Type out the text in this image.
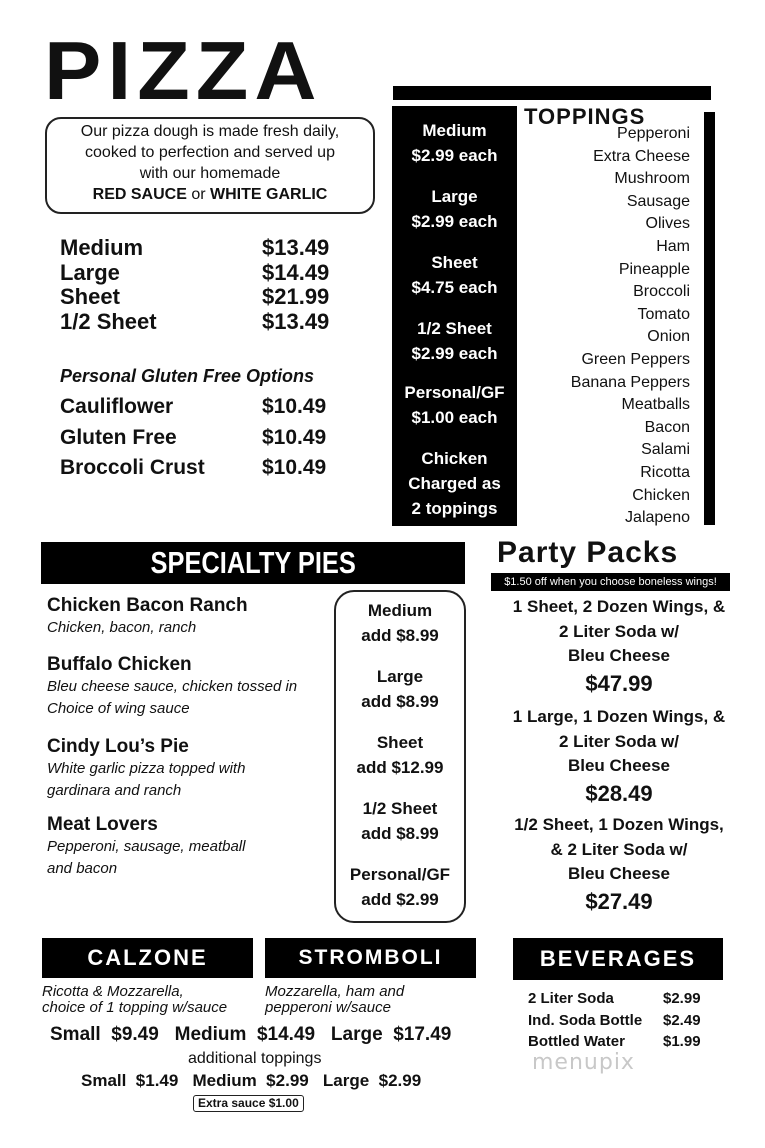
PIZZA
Our pizza dough is made fresh daily,
cooked to perfection and served up
with our homemade
RED SAUCE or WHITE GARLIC
Medium	$13.49
Large	$14.49
Sheet	$21.99
1/2 Sheet	$13.49
Personal Gluten Free Options
Cauliflower	$10.49
Gluten Free	$10.49
Broccoli Crust	$10.49
Medium
$2.99 each
Large
$2.99 each
Sheet
$4.75 each
1/2 Sheet
$2.99 each
Personal/GF
$1.00 each
Chicken
Charged as
2 toppings
TOPPINGS
Pepperoni
Extra Cheese
Mushroom
Sausage
Olives
Ham
Pineapple
Broccoli
Tomato
Onion
Green Peppers
Banana Peppers
Meatballs
Bacon
Salami
Ricotta
Chicken
Jalapeno
SPECIALTY PIES
Chicken Bacon Ranch
Chicken, bacon, ranch
Buffalo Chicken
Bleu cheese sauce, chicken tossed in
Choice of wing sauce
Cindy Lou’s Pie
White garlic pizza topped with
gardinara and ranch
Meat Lovers
Pepperoni, sausage, meatball
and bacon
Medium
add $8.99
Large
add $8.99
Sheet
add $12.99
1/2 Sheet
add $8.99
Personal/GF
add $2.99
Party Packs
$1.50 off when you choose boneless wings!
1 Sheet, 2 Dozen Wings, &
2 Liter Soda w/
Bleu Cheese
$47.99
1 Large, 1 Dozen Wings, &
2 Liter Soda w/
Bleu Cheese
$28.49
1/2 Sheet, 1 Dozen Wings,
& 2 Liter Soda w/
Bleu Cheese
$27.49
CALZONE	STROMBOLI
Ricotta & Mozzarella,
choice of 1 topping w/sauce
Mozzarella, ham and
pepperoni w/sauce
Small  $9.49   Medium  $14.49   Large  $17.49
additional toppings
Small  $1.49   Medium  $2.99   Large  $2.99
Extra sauce $1.00
BEVERAGES
2 Liter Soda	$2.99
Ind. Soda Bottle	$2.49
Bottled Water	$1.99
menupix
